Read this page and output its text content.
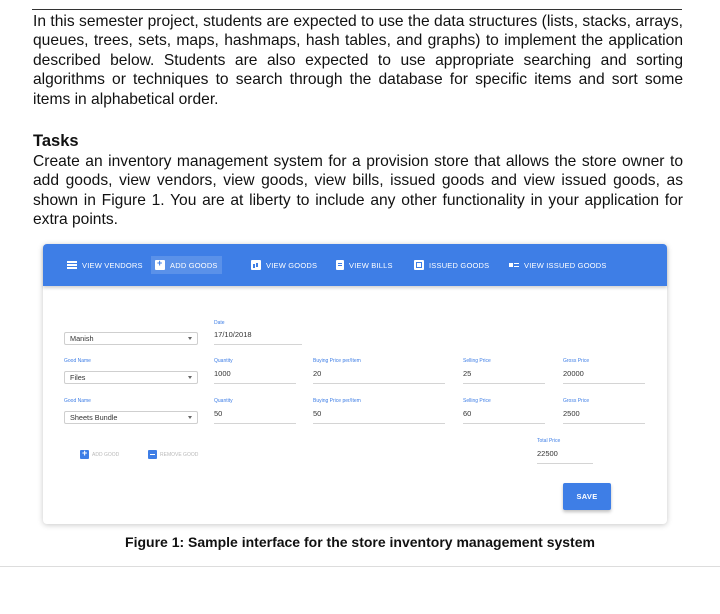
In this semester project, students are expected to use the data structures (lists, stacks, arrays, queues, trees, sets, maps, hashmaps, hash tables, and graphs) to implement the application described below. Students are also expected to use appropriate searching and sorting algorithms or techniques to search through the database for specific items and sort some items in alphabetical order.

Tasks

Create an inventory management system for a provision store that allows the store owner to add goods, view vendors, view goods, view bills, issued goods and view issued goods, as shown in Figure 1. You are at liberty to include any other functionality in your application for extra points.

VIEW VENDORS
+	ADD GOODS	VIEW GOODS	VIEW BILLS	ISSUED GOODS	VIEW ISSUED GOODS
Manish
Date
17/10/2018
Good Name
Files
Quantity
1000
Buying Price per/Item
20
Selling Price
25
Gross Price
20000
Good Name
Sheets Bundle
Quantity
50
Buying Price per/Item
50
Selling Price
60
Gross Price
2500
+
ADD GOOD	REMOVE GOOD
Total Price
22500
SAVE

Figure 1: Sample interface for the store inventory management system
